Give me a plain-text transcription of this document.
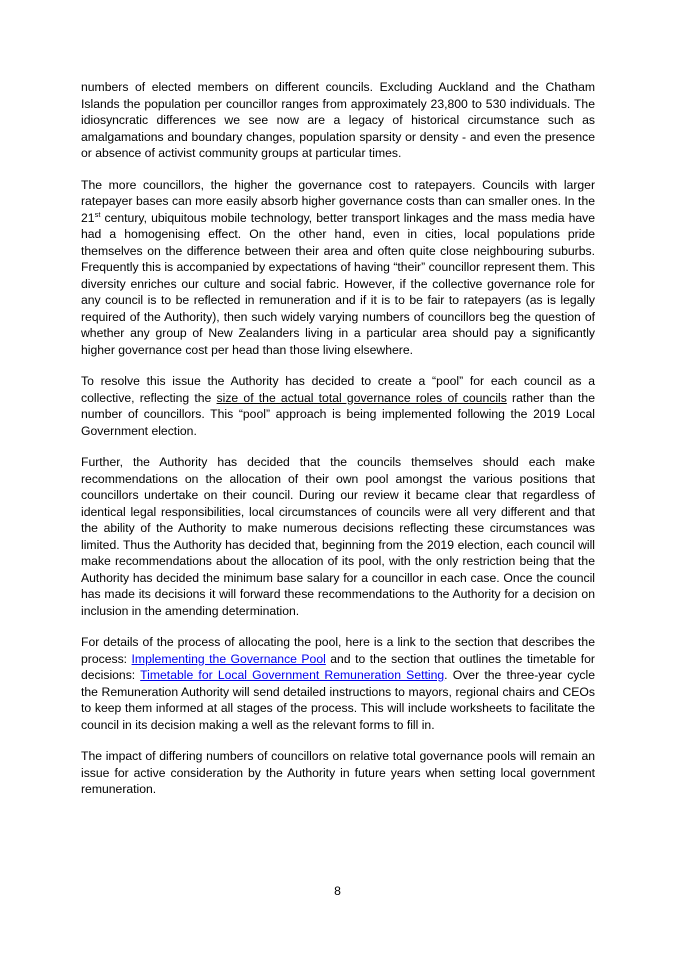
numbers of elected members on different councils. Excluding Auckland and the Chatham Islands the population per councillor ranges from approximately 23,800 to 530 individuals. The idiosyncratic differences we see now are a legacy of historical circumstance such as amalgamations and boundary changes, population sparsity or density - and even the presence or absence of activist community groups at particular times.

The more councillors, the higher the governance cost to ratepayers. Councils with larger ratepayer bases can more easily absorb higher governance costs than can smaller ones. In the 21st century, ubiquitous mobile technology, better transport linkages and the mass media have had a homogenising effect. On the other hand, even in cities, local populations pride themselves on the difference between their area and often quite close neighbouring suburbs. Frequently this is accompanied by expectations of having “their” councillor represent them. This diversity enriches our culture and social fabric. However, if the collective governance role for any council is to be reflected in remuneration and if it is to be fair to ratepayers (as is legally required of the Authority), then such widely varying numbers of councillors beg the question of whether any group of New Zealanders living in a particular area should pay a significantly higher governance cost per head than those living elsewhere.

To resolve this issue the Authority has decided to create a “pool” for each council as a collective, reflecting the size of the actual total governance roles of councils rather than the number of councillors. This “pool” approach is being implemented following the 2019 Local Government election.

Further, the Authority has decided that the councils themselves should each make recommendations on the allocation of their own pool amongst the various positions that councillors undertake on their council. During our review it became clear that regardless of identical legal responsibilities, local circumstances of councils were all very different and that the ability of the Authority to make numerous decisions reflecting these circumstances was limited. Thus the Authority has decided that, beginning from the 2019 election, each council will make recommendations about the allocation of its pool, with the only restriction being that the Authority has decided the minimum base salary for a councillor in each case. Once the council has made its decisions it will forward these recommendations to the Authority for a decision on inclusion in the amending determination.

For details of the process of allocating the pool, here is a link to the section that describes the process: Implementing the Governance Pool and to the section that outlines the timetable for decisions: Timetable for Local Government Remuneration Setting. Over the three-year cycle the Remuneration Authority will send detailed instructions to mayors, regional chairs and CEOs to keep them informed at all stages of the process. This will include worksheets to facilitate the council in its decision making a well as the relevant forms to fill in.

The impact of differing numbers of councillors on relative total governance pools will remain an issue for active consideration by the Authority in future years when setting local government remuneration.

8
